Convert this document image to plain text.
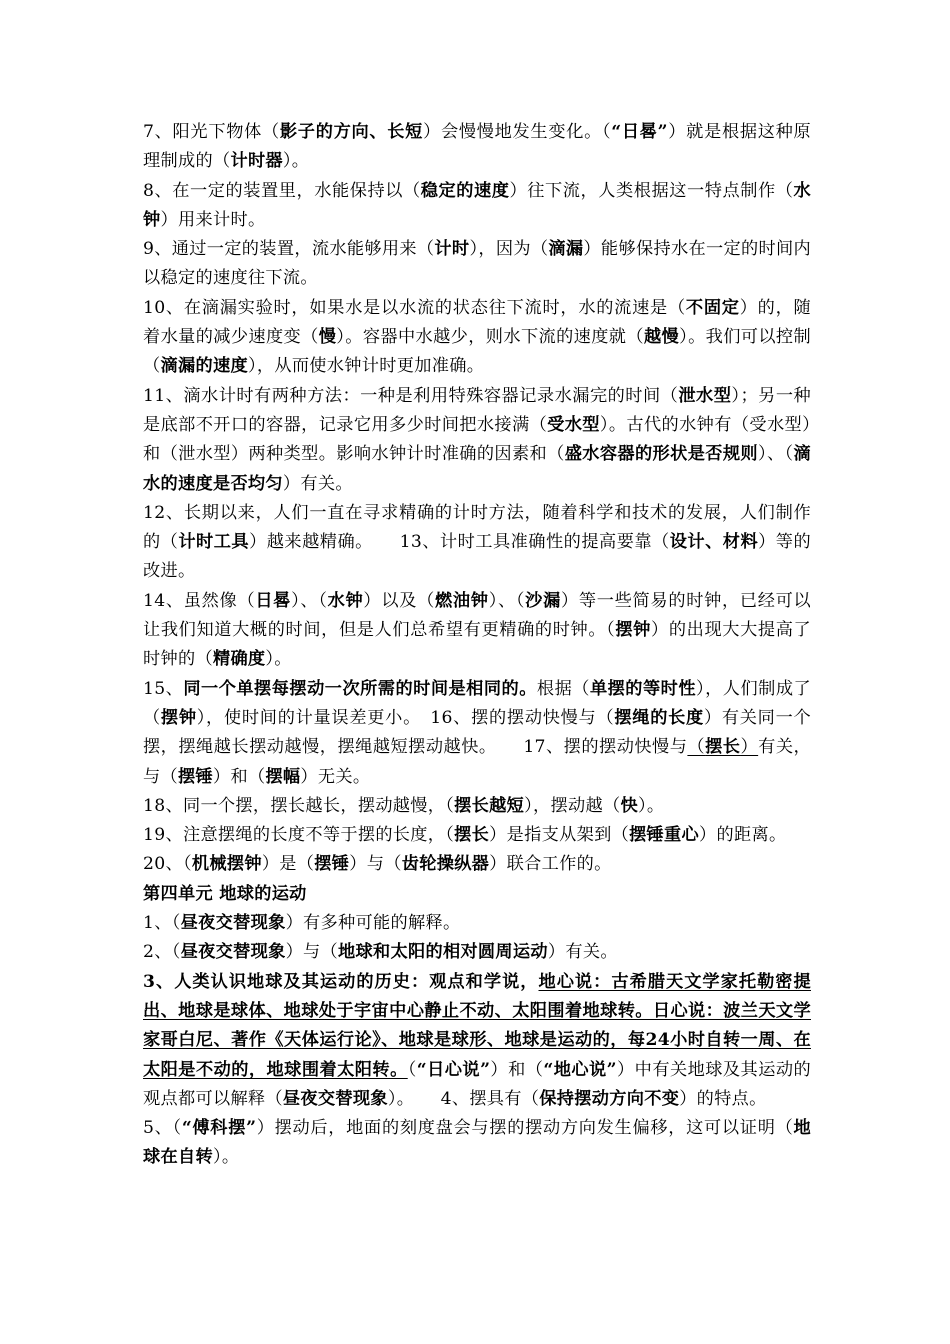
7、阳光下物体（影子的方向、长短）会慢慢地发生变化。（“日晷”）就是根据这种原理制成的（计时器）。

8、在一定的装置里，水能保持以（稳定的速度）往下流，人类根据这一特点制作（水钟）用来计时。

9、通过一定的装置，流水能够用来（计时），因为（滴漏）能够保持水在一定的时间内以稳定的速度往下流。

10、在滴漏实验时，如果水是以水流的状态往下流时，水的流速是（不固定）的，随着水量的减少速度变（慢）。容器中水越少，则水下流的速度就（越慢）。我们可以控制（滴漏的速度），从而使水钟计时更加准确。

11、滴水计时有两种方法：一种是利用特殊容器记录水漏完的时间（泄水型）；另一种是底部不开口的容器，记录它用多少时间把水接满（受水型）。古代的水钟有（受水型）和（泄水型）两种类型。影响水钟计时准确的因素和（盛水容器的形状是否规则）、（滴水的速度是否均匀）有关。

12、长期以来，人们一直在寻求精确的计时方法，随着科学和技术的发展，人们制作的（计时工具）越来越精确。　　13、计时工具准确性的提高要靠（设计、材料）等的改进。

14、虽然像（日晷）、（水钟）以及（燃油钟）、（沙漏）等一些简易的时钟，已经可以让我们知道大概的时间，但是人们总希望有更精确的时钟。（摆钟）的出现大大提高了时钟的（精确度）。

15、同一个单摆每摆动一次所需的时间是相同的。根据（单摆的等时性），人们制成了（摆钟），使时间的计量误差更小。　16、摆的摆动快慢与（摆绳的长度）有关同一个摆，摆绳越长摆动越慢，摆绳越短摆动越快。　　17、摆的摆动快慢与（摆长）有关，与（摆锤）和（摆幅）无关。

18、同一个摆，摆长越长，摆动越慢，（摆长越短），摆动越（快）。

19、注意摆绳的长度不等于摆的长度，（摆长）是指支从架到（摆锤重心）的距离。

20、（机械摆钟）是（摆锤）与（齿轮操纵器）联合工作的。

第四单元 地球的运动

1、（昼夜交替现象）有多种可能的解释。

2、（昼夜交替现象）与（地球和太阳的相对圆周运动）有关。

3、人类认识地球及其运动的历史：观点和学说，地心说：古希腊天文学家托勒密提出、地球是球体、地球处于宇宙中心静止不动、太阳围着地球转。日心说：波兰天文学家哥白尼、著作《天体运行论》、地球是球形、地球是运动的，每24小时自转一周、在太阳是不动的，地球围着太阳转。（“日心说”）和（“地心说”）中有关地球及其运动的观点都可以解释（昼夜交替现象）。　　4、摆具有（保持摆动方向不变）的特点。

5、（“傅科摆”）摆动后，地面的刻度盘会与摆的摆动方向发生偏移，这可以证明（地球在自转）。
